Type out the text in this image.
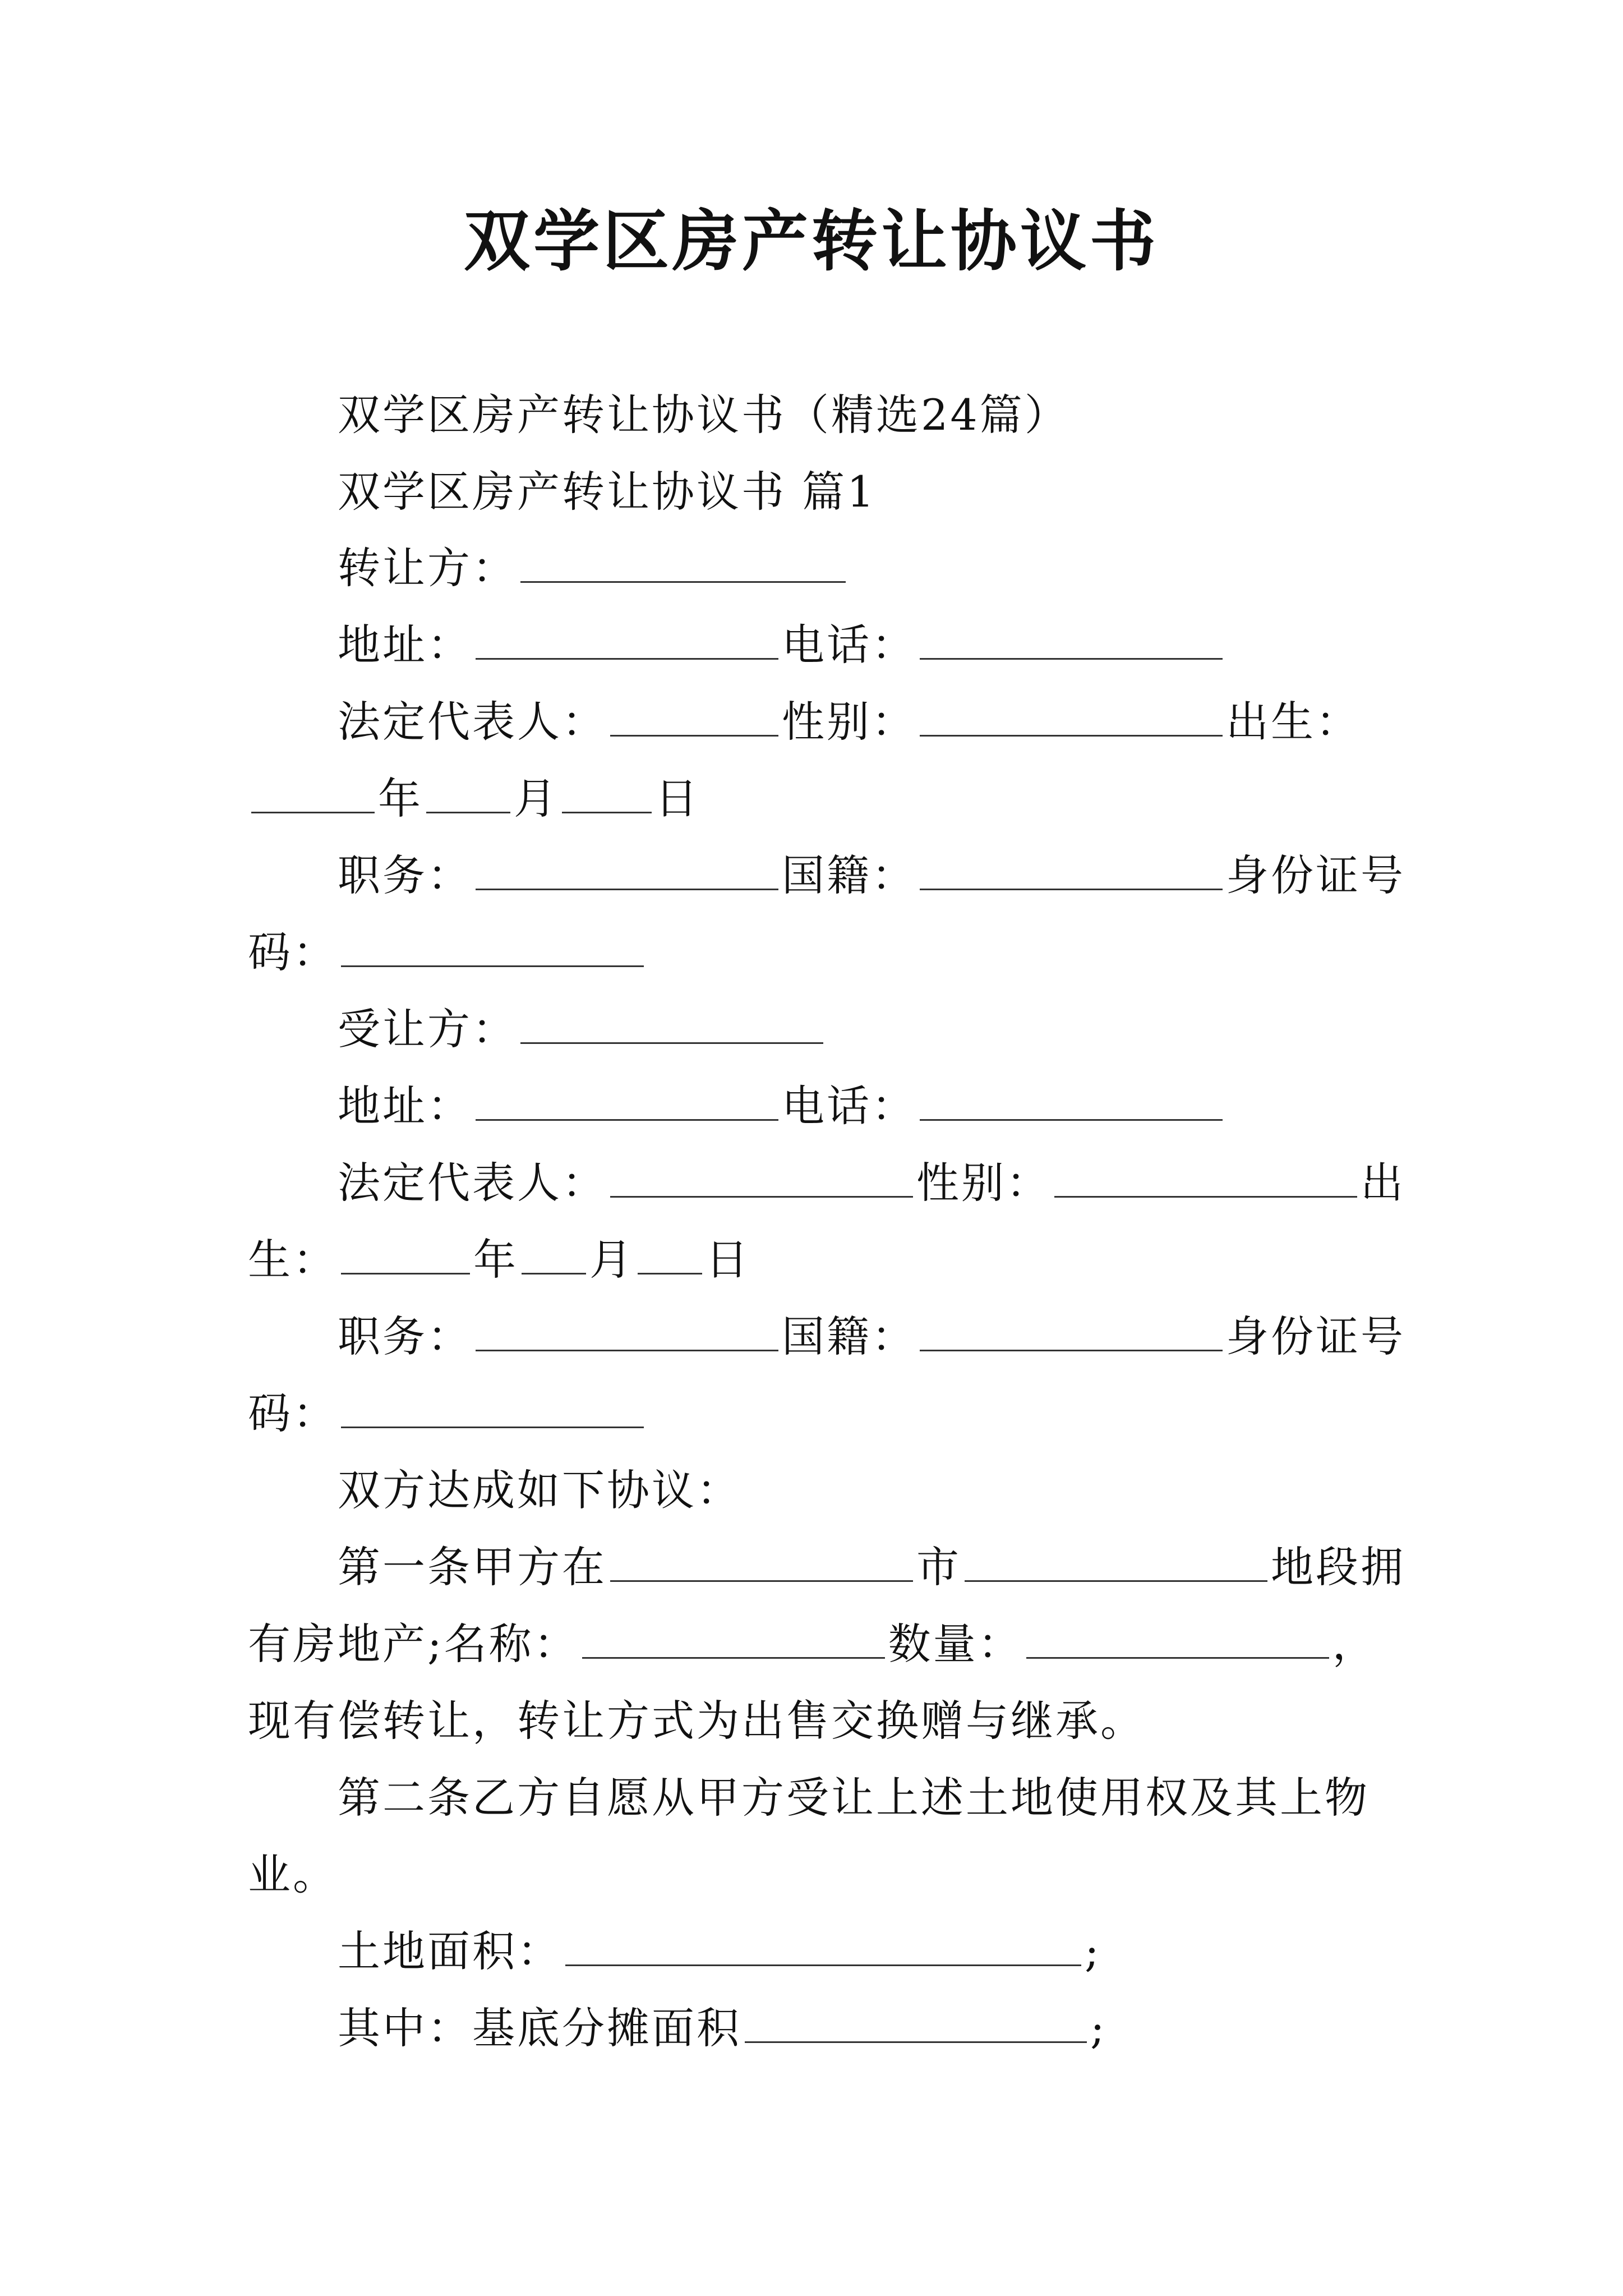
双学区房产转让协议书
双学区房产转让协议书（精选24篇）
双学区房产转让协议书 篇1
转让方：
地址：	电话：
法定代表人：	性别：	出生：
年 月 日
职务：	国籍：	身份证号
码：
受让方：
地址：	电话：
法定代表人：	性别：	出
生：	年 月 日
职务：	国籍：	身份证号
码：
双方达成如下协议：
第一条甲方在	市	地段拥
有房地产;名称：	数量：	，
现有偿转让，转让方式为出售交换赠与继承。
第二条乙方自愿从甲方受让上述土地使用权及其上物
业。
土地面积：	;
其中：基底分摊面积	;
